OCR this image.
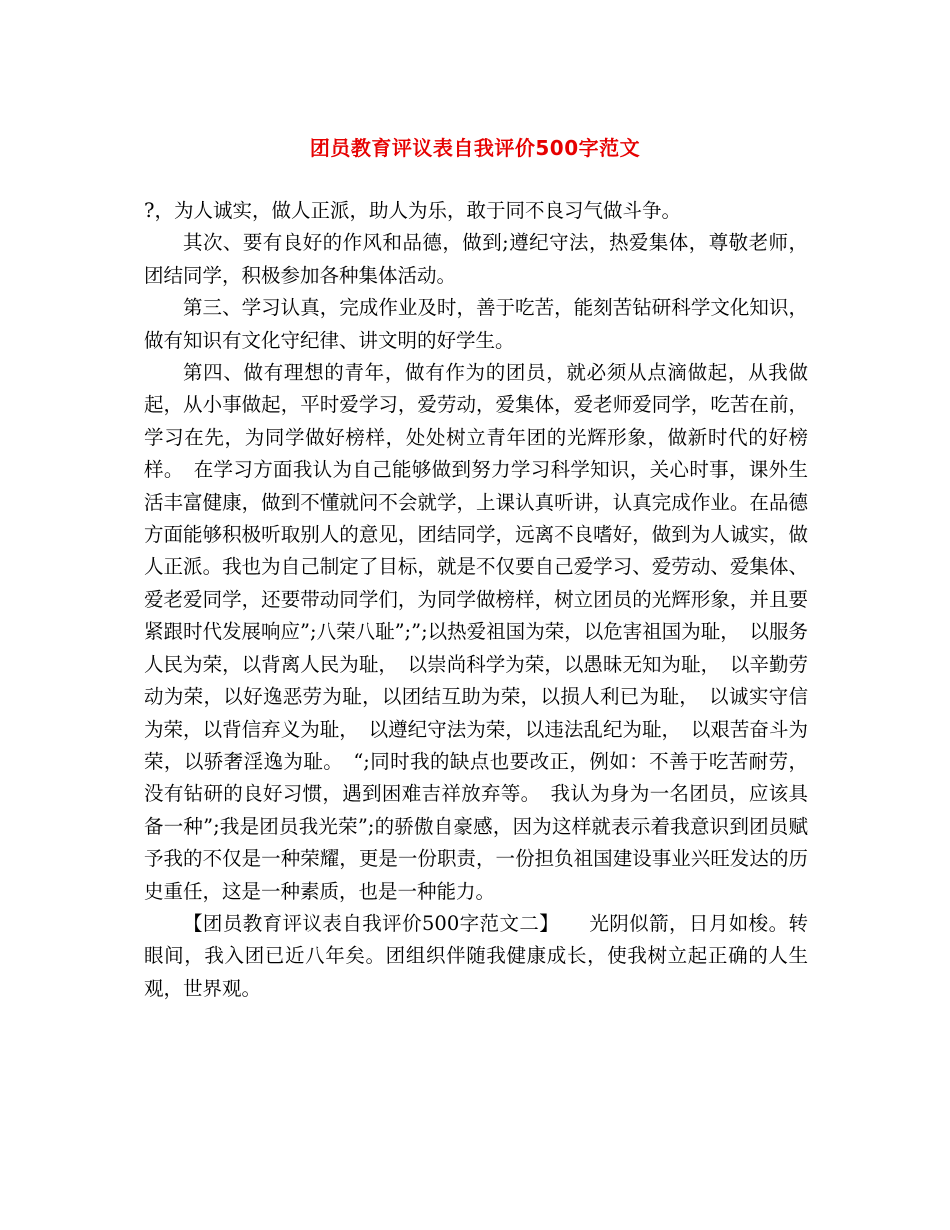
团员教育评议表自我评价500字范文

?，为人诚实，做人正派，助人为乐，敢于同不良习气做斗争。

其次、要有良好的作风和品德，做到;遵纪守法，热爱集体，尊敬老师，团结同学，积极参加各种集体活动。

第三、学习认真，完成作业及时，善于吃苦，能刻苦钻研科学文化知识，做有知识有文化守纪律、讲文明的好学生。

第四、做有理想的青年，做有作为的团员，就必须从点滴做起，从我做起，从小事做起，平时爱学习，爱劳动，爱集体，爱老师爱同学，吃苦在前，学习在先，为同学做好榜样，处处树立青年团的光辉形象，做新时代的好榜样。　在学习方面我认为自己能够做到努力学习科学知识，关心时事，课外生活丰富健康，做到不懂就问不会就学，上课认真听讲，认真完成作业。在品德方面能够积极听取别人的意见，团结同学，远离不良嗜好，做到为人诚实，做人正派。我也为自己制定了目标，就是不仅要自己爱学习、爱劳动、爱集体、爱老爱同学，还要带动同学们，为同学做榜样，树立团员的光辉形象，并且要紧跟时代发展响应”;八荣八耻”;”;以热爱祖国为荣，以危害祖国为耻，　以服务人民为荣，以背离人民为耻，　以崇尚科学为荣，以愚昧无知为耻，　以辛勤劳动为荣，以好逸恶劳为耻，以团结互助为荣，以损人利已为耻，　以诚实守信为荣，以背信弃义为耻，　以遵纪守法为荣，以违法乱纪为耻，　以艰苦奋斗为荣，以骄奢淫逸为耻。　“;同时我的缺点也要改正，例如：不善于吃苦耐劳，没有钻研的良好习惯，遇到困难吉祥放弃等。　我认为身为一名团员，应该具备一种”;我是团员我光荣”;的骄傲自豪感，因为这样就表示着我意识到团员赋予我的不仅是一种荣耀，更是一份职责，一份担负祖国建设事业兴旺发达的历史重任，这是一种素质，也是一种能力。

【团员教育评议表自我评价500字范文二】　　光阴似箭，日月如梭。转眼间，我入团已近八年矣。团组织伴随我健康成长，使我树立起正确的人生观，世界观。
